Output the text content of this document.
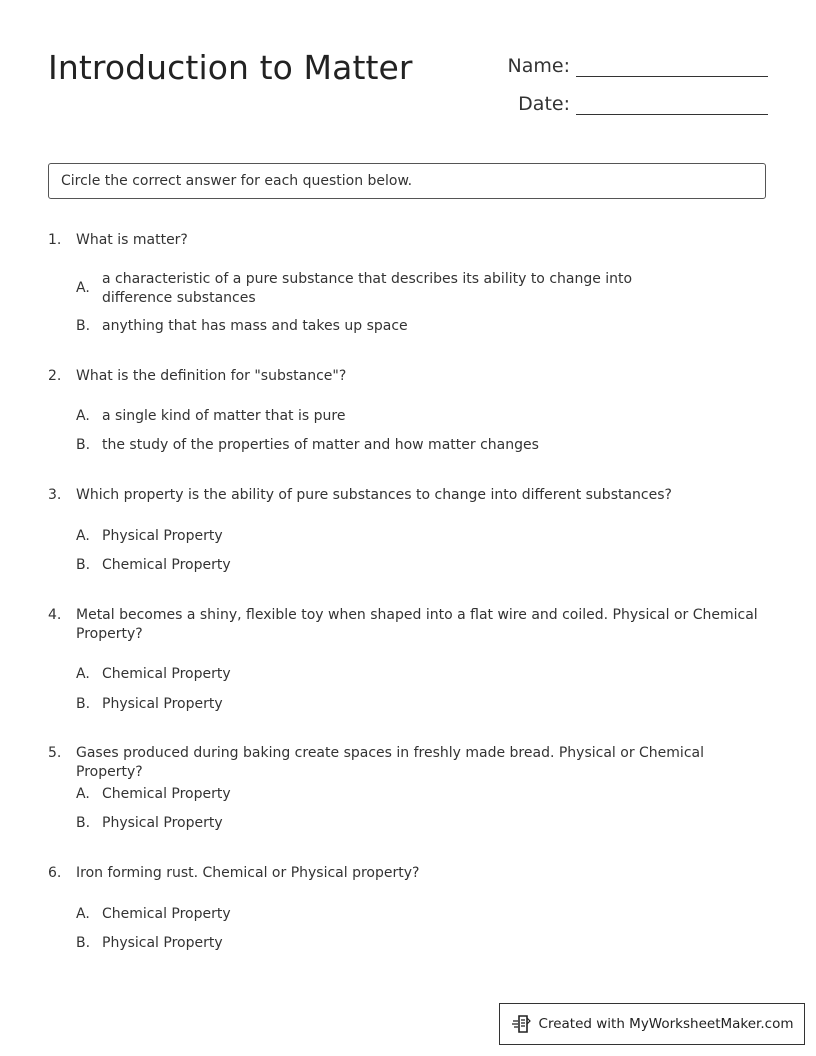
Introduction to Matter	Name:
Date:
Circle the correct answer for each question below.
1. What is matter?
A.
a characteristic of a pure substance that describes its ability to change into difference substances
B. anything that has mass and takes up space
2. What is the definition for "substance"?
A. a single kind of matter that is pure
B. the study of the properties of matter and how matter changes
3. Which property is the ability of pure substances to change into different substances?
A. Physical Property
B. Chemical Property
4. Metal becomes a shiny, flexible toy when shaped into a flat wire and coiled. Physical or Chemical Property?
A. Chemical Property
B. Physical Property
5. Gases produced during baking create spaces in freshly made bread. Physical or Chemical Property?
A. Chemical Property
B. Physical Property
6. Iron forming rust. Chemical or Physical property?
A. Chemical Property
B. Physical Property
Created with MyWorksheetMaker.com
